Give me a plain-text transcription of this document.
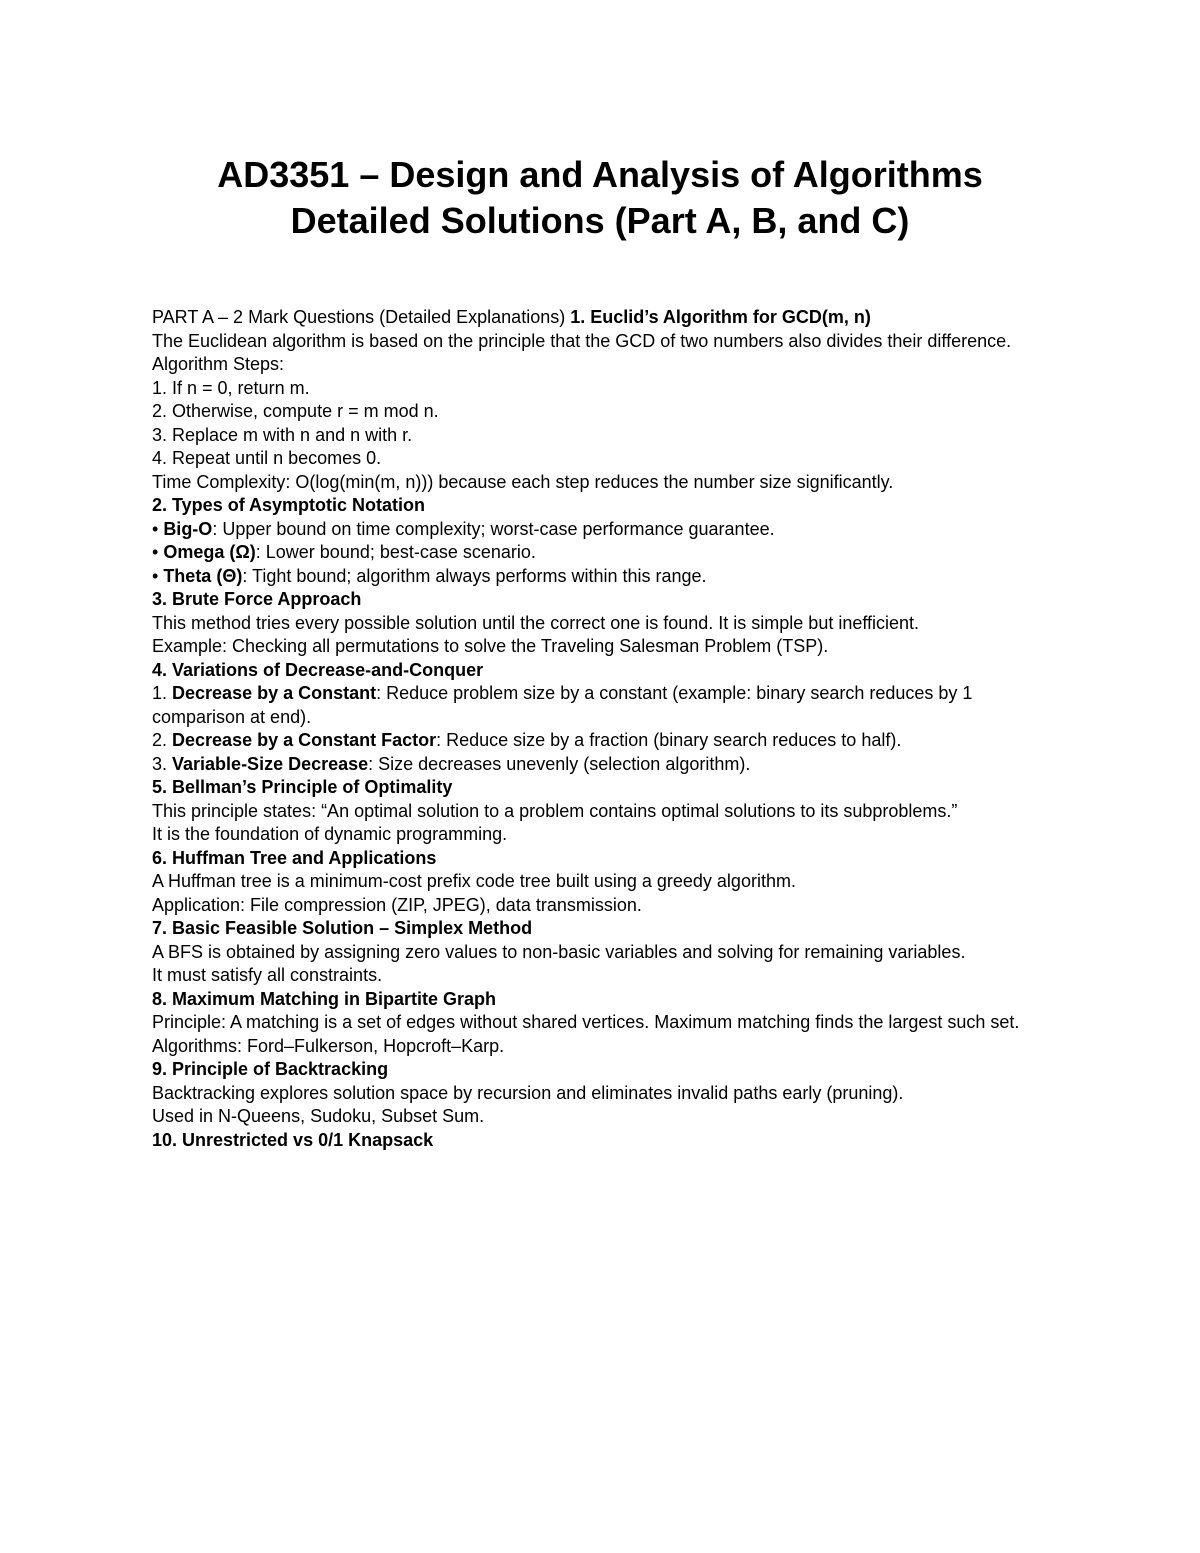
AD3351 – Design and Analysis of Algorithms

Detailed Solutions (Part A, B, and C)

PART A – 2 Mark Questions (Detailed Explanations) 1. Euclid’s Algorithm for GCD(m, n)

The Euclidean algorithm is based on the principle that the GCD of two numbers also divides their difference. Algorithm Steps:

1. If n = 0, return m.

2. Otherwise, compute r = m mod n.

3. Replace m with n and n with r.

4. Repeat until n becomes 0.

Time Complexity: O(log(min(m, n))) because each step reduces the number size significantly.

2. Types of Asymptotic Notation

• Big-O: Upper bound on time complexity; worst-case performance guarantee.

• Omega (Ω): Lower bound; best-case scenario.

• Theta (Θ): Tight bound; algorithm always performs within this range.

3. Brute Force Approach

This method tries every possible solution until the correct one is found. It is simple but inefficient.

Example: Checking all permutations to solve the Traveling Salesman Problem (TSP).

4. Variations of Decrease-and-Conquer

1. Decrease by a Constant: Reduce problem size by a constant (example: binary search reduces by 1 comparison at end).

2. Decrease by a Constant Factor: Reduce size by a fraction (binary search reduces to half).

3. Variable-Size Decrease: Size decreases unevenly (selection algorithm).

5. Bellman’s Principle of Optimality

This principle states: “An optimal solution to a problem contains optimal solutions to its subproblems.”

It is the foundation of dynamic programming.

6. Huffman Tree and Applications

A Huffman tree is a minimum-cost prefix code tree built using a greedy algorithm.

Application: File compression (ZIP, JPEG), data transmission.

7. Basic Feasible Solution – Simplex Method

A BFS is obtained by assigning zero values to non-basic variables and solving for remaining variables.

It must satisfy all constraints.

8. Maximum Matching in Bipartite Graph

Principle: A matching is a set of edges without shared vertices. Maximum matching finds the largest such set.

Algorithms: Ford–Fulkerson, Hopcroft–Karp.

9. Principle of Backtracking

Backtracking explores solution space by recursion and eliminates invalid paths early (pruning).

Used in N-Queens, Sudoku, Subset Sum.

10. Unrestricted vs 0/1 Knapsack
